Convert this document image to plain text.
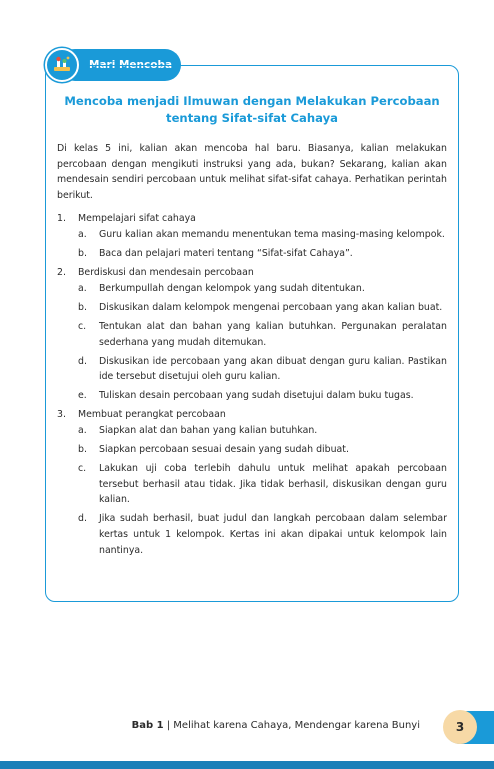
Mari Mencoba
Mencoba menjadi Ilmuwan dengan Melakukan Percobaan tentang Sifat-sifat Cahaya

Di kelas 5 ini, kalian akan mencoba hal baru. Biasanya, kalian melakukan percobaan dengan mengikuti instruksi yang ada, bukan? Sekarang, kalian akan mendesain sendiri percobaan untuk melihat sifat-sifat cahaya. Perhatikan perintah berikut.

1. Mempelajari sifat cahaya
a. Guru kalian akan memandu menentukan tema masing-masing kelompok.
b. Baca dan pelajari materi tentang “Sifat-sifat Cahaya”.
2. Berdiskusi dan mendesain percobaan
a. Berkumpullah dengan kelompok yang sudah ditentukan.
b. Diskusikan dalam kelompok mengenai percobaan yang akan kalian buat.
c. Tentukan alat dan bahan yang kalian butuhkan. Pergunakan peralatan sederhana yang mudah ditemukan.
d. Diskusikan ide percobaan yang akan dibuat dengan guru kalian. Pastikan ide tersebut disetujui oleh guru kalian.
e. Tuliskan desain percobaan yang sudah disetujui dalam buku tugas.
3. Membuat perangkat percobaan
a. Siapkan alat dan bahan yang kalian butuhkan.
b. Siapkan percobaan sesuai desain yang sudah dibuat.
c. Lakukan uji coba terlebih dahulu untuk melihat apakah percobaan tersebut berhasil atau tidak. Jika tidak berhasil, diskusikan dengan guru kalian.
d. Jika sudah berhasil, buat judul dan langkah percobaan dalam selembar kertas untuk 1 kelompok. Kertas ini akan dipakai untuk kelompok lain nantinya.
Bab 1 | Melihat karena Cahaya, Mendengar karena Bunyi	3
